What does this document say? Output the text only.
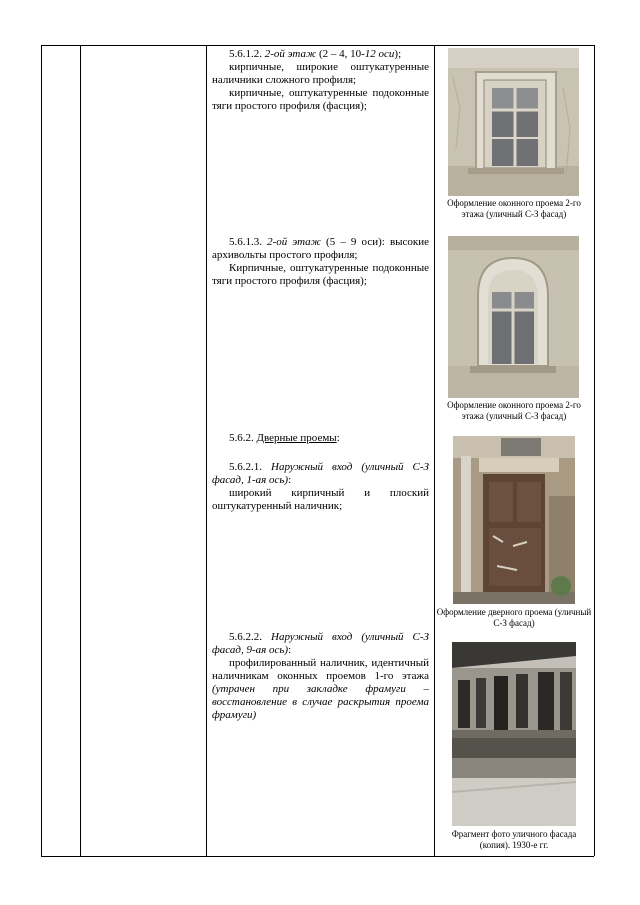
5.6.1.2. 2-ой этаж (2 – 4, 10-12 оси);

кирпичные, широкие оштукатуренные наличники сложного профиля;

кирпичные, оштукатуренные подоконные тяги простого профиля (фасция);

5.6.1.3. 2-ой этаж (5 – 9 оси): высокие архивольты простого профиля;

Кирпичные, оштукатуренные подоконные тяги простого профиля (фасция);

5.6.2. Дверные проемы:

5.6.2.1. Наружный вход (уличный С-З фасад, 1-ая ось):

широкий кирпичный и плоский оштукатуренный наличник;

5.6.2.2. Наружный вход (уличный С-З фасад, 9-ая ось):

профилированный наличник, идентичный наличникам оконных проемов 1-го этажа (утрачен при закладке фрамуги – восстановление в случае раскрытия проема фрамуги)

Оформление оконного проема 2-го этажа (уличный С-З фасад)
Оформление оконного проема 2-го этажа (уличный С-З фасад)
Оформление дверного проема (уличный С-З фасад)
Фрагмент фото уличного фасада (копия). 1930-е гг.
